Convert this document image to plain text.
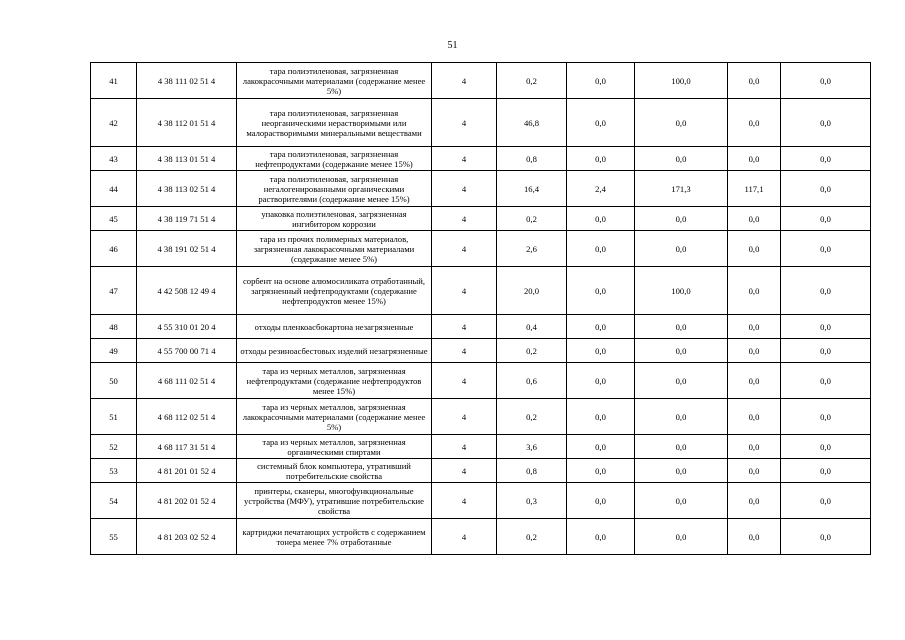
51
41	4 38 111 02 51 4	тара полиэтиленовая, загрязненная лакокрасочными материалами (содержание менее 5%)	4	0,2	0,0	100,0	0,0	0,0
42	4 38 112 01 51 4	тара полиэтиленовая, загрязненная неорганическими нерастворимыми или малорастворимыми минеральными веществами	4	46,8	0,0	0,0	0,0	0,0
43	4 38 113 01 51 4	тара полиэтиленовая, загрязненная нефтепродуктами (содержание менее 15%)	4	0,8	0,0	0,0	0,0	0,0
44	4 38 113 02 51 4	тара полиэтиленовая, загрязненная негалогенированными органическими растворителями (содержание менее 15%)	4	16,4	2,4	171,3	117,1	0,0
45	4 38 119 71 51 4	упаковка полиэтиленовая, загрязненная ингибитором коррозии	4	0,2	0,0	0,0	0,0	0,0
46	4 38 191 02 51 4	тара из прочих полимерных материалов, загрязненная лакокрасочными материалами (содержание менее 5%)	4	2,6	0,0	0,0	0,0	0,0
47	4 42 508 12 49 4	сорбент на основе алюмосиликата отработанный, загрязненный нефтепродуктами (содержание нефтепродуктов менее 15%)	4	20,0	0,0	100,0	0,0	0,0
48	4 55 310 01 20 4	отходы пленкоасбокартона незагрязненные	4	0,4	0,0	0,0	0,0	0,0
49	4 55 700 00 71 4	отходы резиноасбестовых изделий незагрязненные	4	0,2	0,0	0,0	0,0	0,0
50	4 68 111 02 51 4	тара из черных металлов, загрязненная нефтепродуктами (содержание нефтепродуктов менее 15%)	4	0,6	0,0	0,0	0,0	0,0
51	4 68 112 02 51 4	тара из черных металлов, загрязненная лакокрасочными материалами (содержание менее 5%)	4	0,2	0,0	0,0	0,0	0,0
52	4 68 117 31 51 4	тара из черных металлов, загрязненная органическими спиртами	4	3,6	0,0	0,0	0,0	0,0
53	4 81 201 01 52 4	системный блок компьютера, утративший потребительские свойства	4	0,8	0,0	0,0	0,0	0,0
54	4 81 202 01 52 4	принтеры, сканеры, многофункциональные устройства (МФУ), утратившие потребительские свойства	4	0,3	0,0	0,0	0,0	0,0
55	4 81 203 02 52 4	картриджи печатающих устройств с содержанием тонера менее 7% отработанные	4	0,2	0,0	0,0	0,0	0,0
